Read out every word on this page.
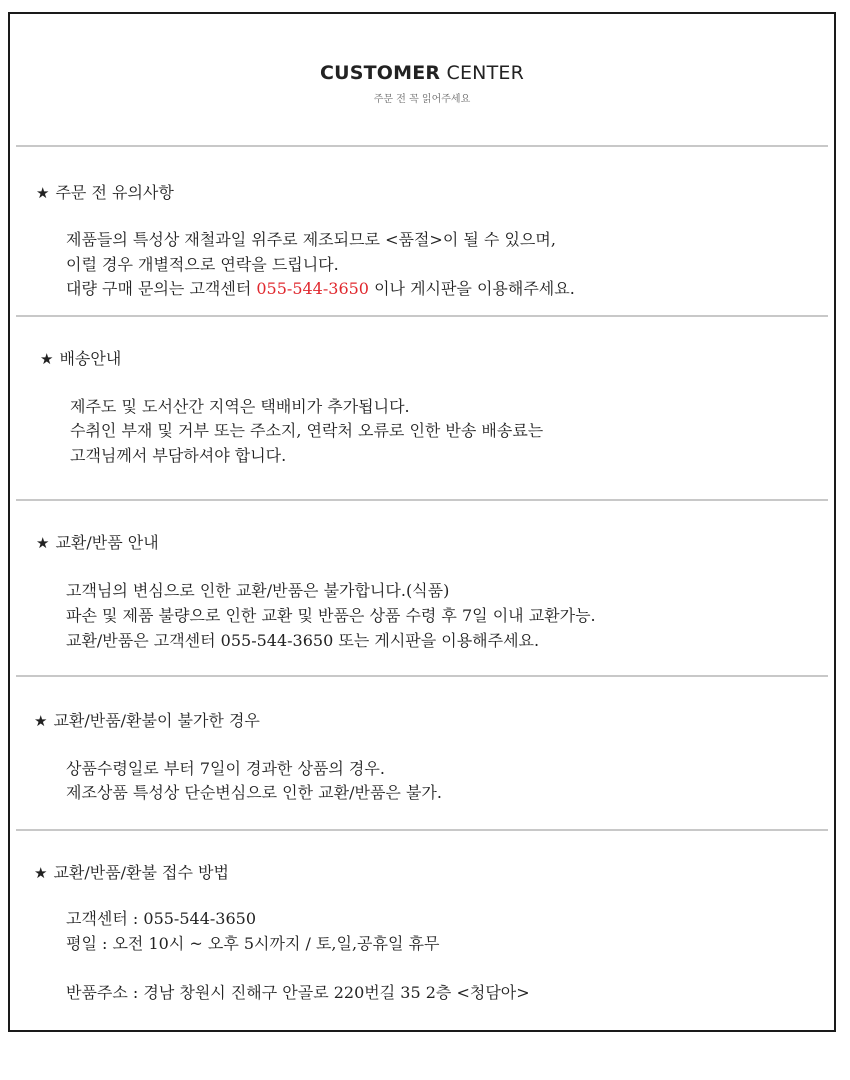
CUSTOMER CENTER
주문 전 꼭 읽어주세요
★ 주문 전 유의사항
제품들의 특성상 재철과일 위주로 제조되므로 <품절>이 될 수 있으며,
이럴 경우 개별적으로 연락을 드립니다.
대량 구매 문의는 고객센터 055-544-3650 이나 게시판을 이용해주세요.
★ 배송안내
제주도 및 도서산간 지역은 택배비가 추가됩니다.
수취인 부재 및 거부 또는 주소지, 연락처 오류로 인한 반송 배송료는
고객님께서 부담하셔야 합니다.
★ 교환/반품 안내
고객님의 변심으로 인한 교환/반품은 불가합니다.(식품)
파손 및 제품 불량으로 인한 교환 및 반품은 상품 수령 후 7일 이내 교환가능.
교환/반품은 고객센터 055-544-3650 또는 게시판을 이용해주세요.
★ 교환/반품/환불이 불가한 경우
상품수령일로 부터 7일이 경과한 상품의 경우.
제조상품 특성상 단순변심으로 인한 교환/반품은 불가.
★ 교환/반품/환불 접수 방법
고객센터 : 055-544-3650
평일 : 오전 10시 ~ 오후 5시까지 / 토,일,공휴일 휴무
반품주소 : 경남 창원시 진해구 안골로 220번길 35 2층 <청담아>
